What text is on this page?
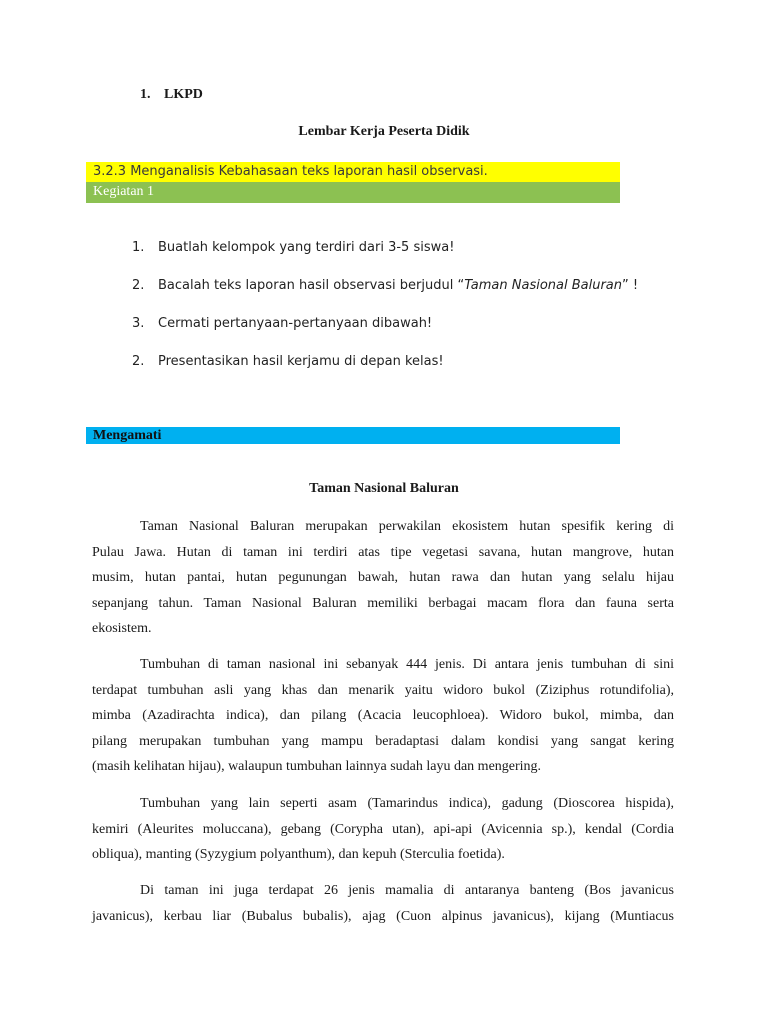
1. LKPD
Lembar Kerja Peserta Didik
3.2.3 Menganalisis Kebahasaan teks laporan hasil observasi.
Kegiatan 1
1.	Buatlah kelompok yang terdiri dari 3-5 siswa!
2.	Bacalah teks laporan hasil observasi berjudul “Taman Nasional Baluran” !
3.	Cermati pertanyaan-pertanyaan dibawah!
2.	Presentasikan hasil kerjamu di depan kelas!
Mengamati
Taman Nasional Baluran
Taman Nasional Baluran merupakan perwakilan ekosistem hutan spesifik kering di
Pulau Jawa. Hutan di taman ini terdiri atas tipe vegetasi savana, hutan mangrove, hutan
musim, hutan pantai, hutan pegunungan bawah, hutan rawa dan hutan yang selalu hijau
sepanjang tahun. Taman Nasional Baluran memiliki berbagai macam flora dan fauna serta
ekosistem.
Tumbuhan di taman nasional ini sebanyak 444 jenis. Di antara jenis tumbuhan di sini
terdapat tumbuhan asli yang khas dan menarik yaitu widoro bukol (Ziziphus rotundifolia),
mimba (Azadirachta indica), dan pilang (Acacia leucophloea). Widoro bukol, mimba, dan
pilang merupakan tumbuhan yang mampu beradaptasi dalam kondisi yang sangat kering
(masih kelihatan hijau), walaupun tumbuhan lainnya sudah layu dan mengering.
Tumbuhan yang lain seperti asam (Tamarindus indica), gadung (Dioscorea hispida),
kemiri (Aleurites moluccana), gebang (Corypha utan), api-api (Avicennia sp.), kendal (Cordia
obliqua), manting (Syzygium polyanthum), dan kepuh (Sterculia foetida).
Di taman ini juga terdapat 26 jenis mamalia di antaranya banteng (Bos javanicus
javanicus), kerbau liar (Bubalus bubalis), ajag (Cuon alpinus javanicus), kijang (Muntiacus
